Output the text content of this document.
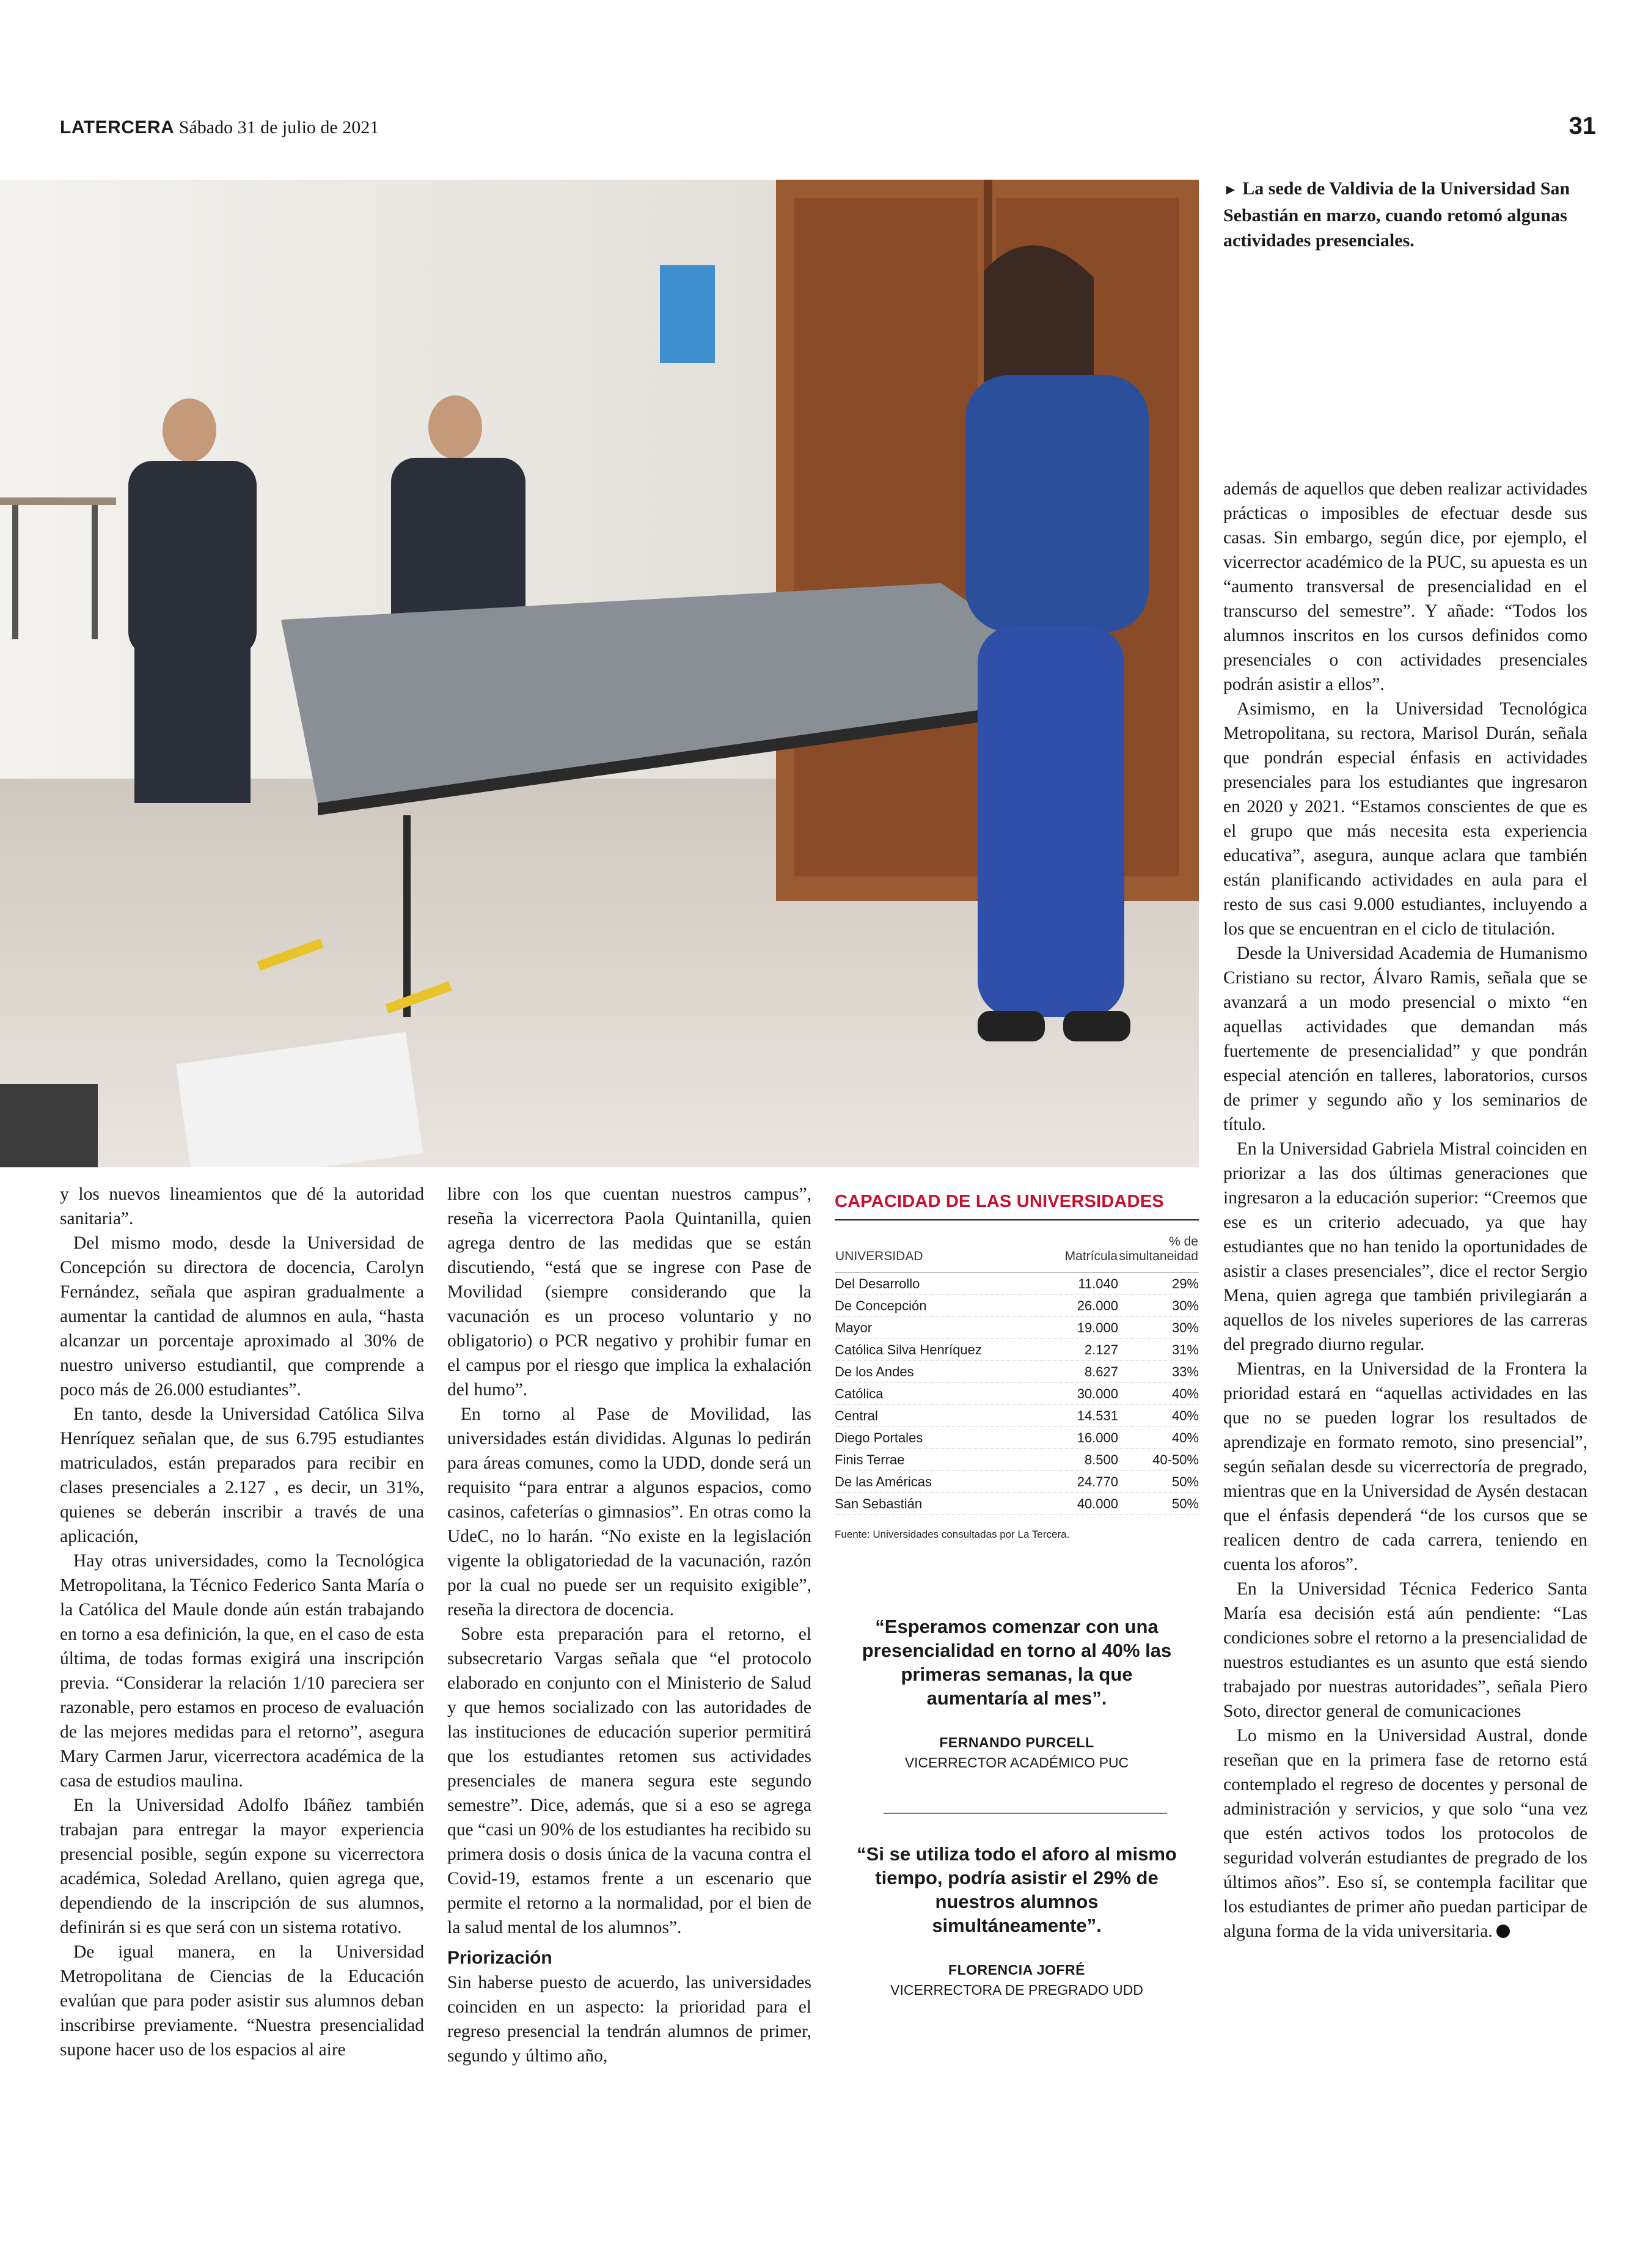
LATERCERA Sábado 31 de julio de 2021	31
► La sede de Valdivia de la Universidad San Sebastián en marzo, cuando retomó algunas actividades presenciales.

y los nuevos lineamientos que dé la autoridad sanitaria”.

Del mismo modo, desde la Universidad de Concepción su directora de docencia, Carolyn Fernández, señala que aspiran gradualmente a aumentar la cantidad de alumnos en aula, “hasta alcanzar un porcentaje aproximado al 30% de nuestro universo estudiantil, que comprende a poco más de 26.000 estudiantes”.

En tanto, desde la Universidad Católica Silva Henríquez señalan que, de sus 6.795 estudiantes matriculados, están preparados para recibir en clases presenciales a 2.127 , es decir, un 31%, quienes se deberán inscribir a través de una aplicación,

Hay otras universidades, como la Tecnológica Metropolitana, la Técnico Federico Santa María o la Católica del Maule donde aún están trabajando en torno a esa definición, la que, en el caso de esta última, de todas formas exigirá una inscripción previa. “Considerar la relación 1/10 pareciera ser razonable, pero estamos en proceso de evaluación de las mejores medidas para el retorno”, asegura Mary Carmen Jarur, vicerrectora académica de la casa de estudios maulina.

En la Universidad Adolfo Ibáñez también trabajan para entregar la mayor experiencia presencial posible, según expone su vicerrectora académica, Soledad Arellano, quien agrega que, dependiendo de la inscripción de sus alumnos, definirán si es que será con un sistema rotativo.

De igual manera, en la Universidad Metropolitana de Ciencias de la Educación evalúan que para poder asistir sus alumnos deban inscribirse previamente. “Nuestra presencialidad supone hacer uso de los espacios al aire

libre con los que cuentan nuestros campus”, reseña la vicerrectora Paola Quintanilla, quien agrega dentro de las medidas que se están discutiendo, “está que se ingrese con Pase de Movilidad (siempre considerando que la vacunación es un proceso voluntario y no obligatorio) o PCR negativo y prohibir fumar en el campus por el riesgo que implica la exhalación del humo”.

En torno al Pase de Movilidad, las universidades están divididas. Algunas lo pedirán para áreas comunes, como la UDD, donde será un requisito “para entrar a algunos espacios, como casinos, cafeterías o gimnasios”. En otras como la UdeC, no lo harán. “No existe en la legislación vigente la obligatoriedad de la vacunación, razón por la cual no puede ser un requisito exigible”, reseña la directora de docencia.

Sobre esta preparación para el retorno, el subsecretario Vargas señala que “el protocolo elaborado en conjunto con el Ministerio de Salud y que hemos socializado con las autoridades de las instituciones de educación superior permitirá que los estudiantes retomen sus actividades presenciales de manera segura este segundo semestre”. Dice, además, que si a eso se agrega que “casi un 90% de los estudiantes ha recibido su primera dosis o dosis única de la vacuna contra el Covid-19, estamos frente a un escenario que permite el retorno a la normalidad, por el bien de la salud mental de los alumnos”.

Priorización

Sin haberse puesto de acuerdo, las universidades coinciden en un aspecto: la prioridad para el regreso presencial la tendrán alumnos de primer, segundo y último año,

CAPACIDAD DE LAS UNIVERSIDADES
UNIVERSIDAD	Matrícula	% de simultaneidad
Del Desarrollo	11.040	29%
De Concepción	26.000	30%
Mayor	19.000	30%
Católica Silva Henríquez	2.127	31%
De los Andes	8.627	33%
Católica	30.000	40%
Central	14.531	40%
Diego Portales	16.000	40%
Finis Terrae	8.500	40-50%
De las Américas	24.770	50%
San Sebastián	40.000	50%
Fuente: Universidades consultadas por La Tercera.
“Esperamos comenzar con una presencialidad en torno al 40% las primeras semanas, la que aumentaría al mes”.
FERNANDO PURCELL
VICERRECTOR ACADÉMICO PUC
“Si se utiliza todo el aforo al mismo tiempo, podría asistir el 29% de nuestros alumnos simultáneamente”.
FLORENCIA JOFRÉ
VICERRECTORA DE PREGRADO UDD

además de aquellos que deben realizar actividades prácticas o imposibles de efectuar desde sus casas. Sin embargo, según dice, por ejemplo, el vicerrector académico de la PUC, su apuesta es un “aumento transversal de presencialidad en el transcurso del semestre”. Y añade: “Todos los alumnos inscritos en los cursos definidos como presenciales o con actividades presenciales podrán asistir a ellos”.

Asimismo, en la Universidad Tecnológica Metropolitana, su rectora, Marisol Durán, señala que pondrán especial énfasis en actividades presenciales para los estudiantes que ingresaron en 2020 y 2021. “Estamos conscientes de que es el grupo que más necesita esta experiencia educativa”, asegura, aunque aclara que también están planificando actividades en aula para el resto de sus casi 9.000 estudiantes, incluyendo a los que se encuentran en el ciclo de titulación.

Desde la Universidad Academia de Humanismo Cristiano su rector, Álvaro Ramis, señala que se avanzará a un modo presencial o mixto “en aquellas actividades que demandan más fuertemente de presencialidad” y que pondrán especial atención en talleres, laboratorios, cursos de primer y segundo año y los seminarios de título.

En la Universidad Gabriela Mistral coinciden en priorizar a las dos últimas generaciones que ingresaron a la educación superior: “Creemos que ese es un criterio adecuado, ya que hay estudiantes que no han tenido la oportunidades de asistir a clases presenciales”, dice el rector Sergio Mena, quien agrega que también privilegiarán a aquellos de los niveles superiores de las carreras del pregrado diurno regular.

Mientras, en la Universidad de la Frontera la prioridad estará en “aquellas actividades en las que no se pueden lograr los resultados de aprendizaje en formato remoto, sino presencial”, según señalan desde su vicerrectoría de pregrado, mientras que en la Universidad de Aysén destacan que el énfasis dependerá “de los cursos que se realicen dentro de cada carrera, teniendo en cuenta los aforos”.

En la Universidad Técnica Federico Santa María esa decisión está aún pendiente: “Las condiciones sobre el retorno a la presencialidad de nuestros estudiantes es un asunto que está siendo trabajado por nuestras autoridades”, señala Piero Soto, director general de comunicaciones

Lo mismo en la Universidad Austral, donde reseñan que en la primera fase de retorno está contemplado el regreso de docentes y personal de administración y servicios, y que solo “una vez que estén activos todos los protocolos de seguridad volverán estudiantes de pregrado de los últimos años”. Eso sí, se contempla facilitar que los estudiantes de primer año puedan participar de alguna forma de la vida universitaria.
